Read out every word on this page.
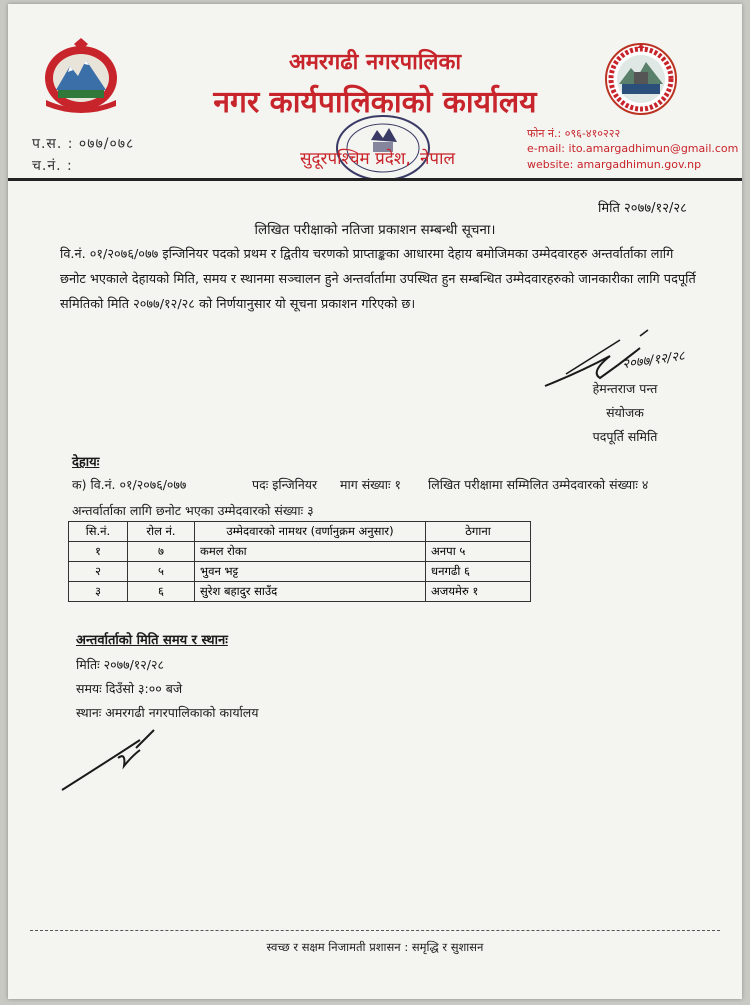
अमरगढी नगरपालिका
नगर कार्यपालिकाको कार्यालय
सुदूरपश्चिम प्रदेश, नेपाल
प.स. : ०७७/०७८
च.नं. :
फोन नं.: ०९६-४१०२२२
e-mail: ito.amargadhimun@gmail.com
website: amargadhimun.gov.np
मिति २०७७/१२/२८
लिखित परीक्षाको नतिजा प्रकाशन सम्बन्धी सूचना।
वि.नं. ०१/२०७६/०७७ इन्जिनियर पदको प्रथम र द्वितीय चरणको प्राप्ताङ्कका आधारमा देहाय बमोजिमका उम्मेदवारहरु अन्तर्वार्ताका लागि छनोट भएकाले देहायको मिति, समय र स्थानमा सञ्चालन हुने अन्तर्वार्तामा उपस्थित हुन सम्बन्धित उम्मेदवारहरुको जानकारीका लागि पदपूर्ति समितिको मिति २०७७/१२/२८ को निर्णयानुसार यो सूचना प्रकाशन गरिएको छ।
२०७७/१२/२८
हेमन्तराज पन्त
संयोजक
पदपूर्ति समिति
देहायः
क) वि.नं. ०१/२०७६/०७७	पदः इन्जिनियर माग संख्याः १ लिखित परीक्षामा सम्मिलित उम्मेदवारको संख्याः ४
अन्तर्वार्ताका लागि छनोट भएका उम्मेदवारको संख्याः ३
सि.नं.	रोल नं.	उम्मेदवारको नामथर (वर्णानुक्रम अनुसार)	ठेगाना
१	७	कमल रोका	अनपा ५
२	५	भुवन भट्ट	धनगढी ६
३	६	सुरेश बहादुर साउँद	अजयमेरु १
अन्तर्वार्ताको मिति समय र स्थानः
मितिः २०७७/१२/२८
समयः दिउँसो ३:०० बजे
स्थानः अमरगढी नगरपालिकाको कार्यालय
स्वच्छ र सक्षम निजामती प्रशासन : समृद्धि र सुशासन
